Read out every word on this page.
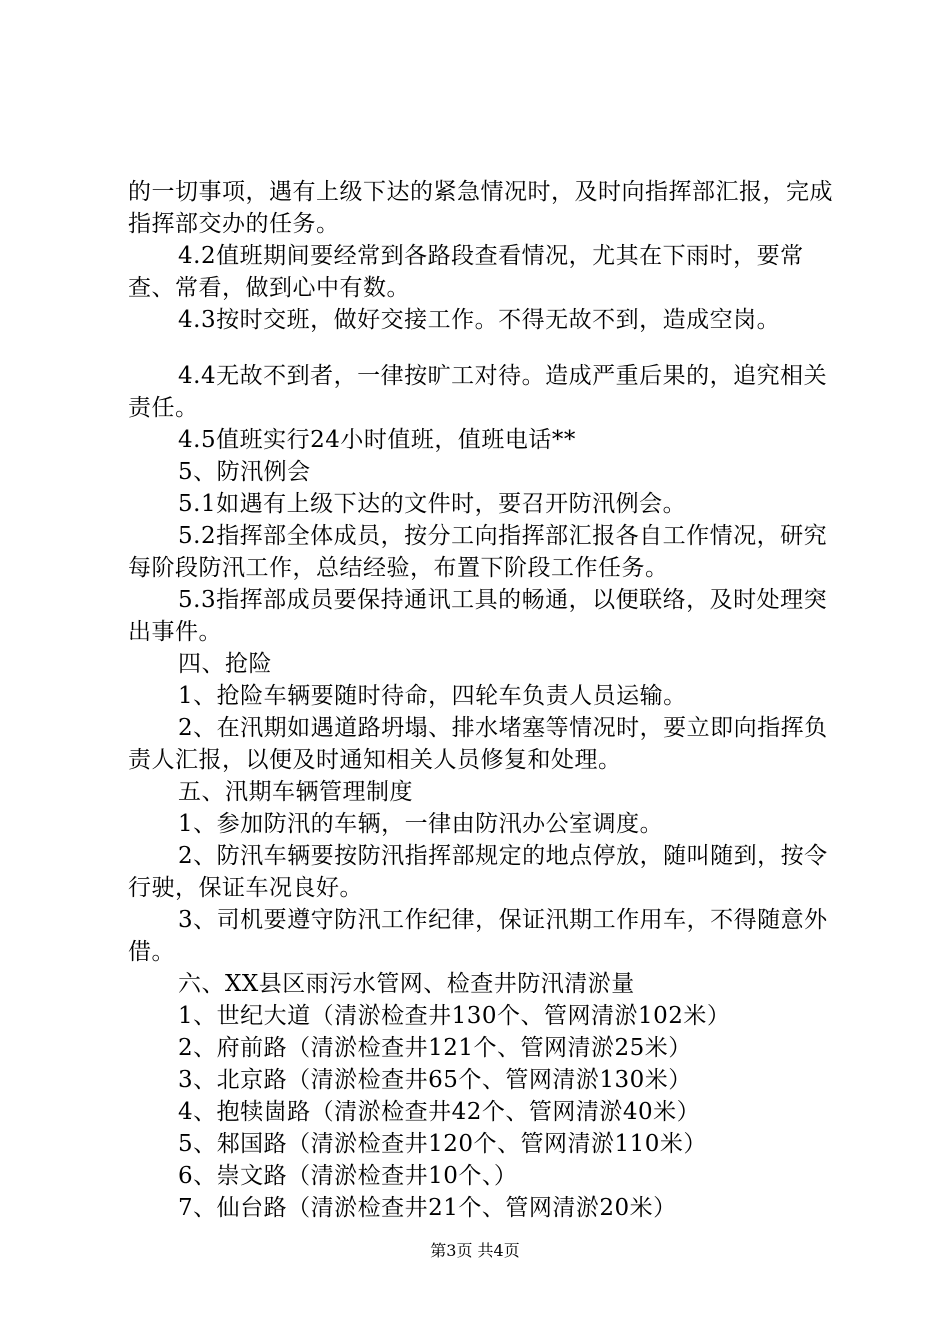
的一切事项，遇有上级下达的紧急情况时，及时向指挥部汇报，完成指挥部交办的任务。

4.2值班期间要经常到各路段查看情况，尤其在下雨时，要常查、常看，做到心中有数。

4.3按时交班，做好交接工作。不得无故不到，造成空岗。

4.4无故不到者，一律按旷工对待。造成严重后果的，追究相关责任。

4.5值班实行24小时值班，值班电话**

5、防汛例会

5.1如遇有上级下达的文件时，要召开防汛例会。

5.2指挥部全体成员，按分工向指挥部汇报各自工作情况，研究每阶段防汛工作，总结经验，布置下阶段工作任务。

5.3指挥部成员要保持通讯工具的畅通，以便联络，及时处理突出事件。

四、抢险

1、抢险车辆要随时待命，四轮车负责人员运输。

2、在汛期如遇道路坍塌、排水堵塞等情况时，要立即向指挥负责人汇报，以便及时通知相关人员修复和处理。

五、汛期车辆管理制度

1、参加防汛的车辆，一律由防汛办公室调度。

2、防汛车辆要按防汛指挥部规定的地点停放，随叫随到，按令行驶，保证车况良好。

3、司机要遵守防汛工作纪律，保证汛期工作用车，不得随意外借。

六、XX县区雨污水管网、检查井防汛清淤量

1、世纪大道（清淤检查井130个、管网清淤102米）

2、府前路（清淤检查井121个、管网清淤25米）

3、北京路（清淤检查井65个、管网清淤130米）

4、抱犊崮路（清淤检查井42个、管网清淤40米）

5、邾国路（清淤检查井120个、管网清淤110米）

6、崇文路（清淤检查井10个、）

7、仙台路（清淤检查井21个、管网清淤20米）

第3页 共4页
